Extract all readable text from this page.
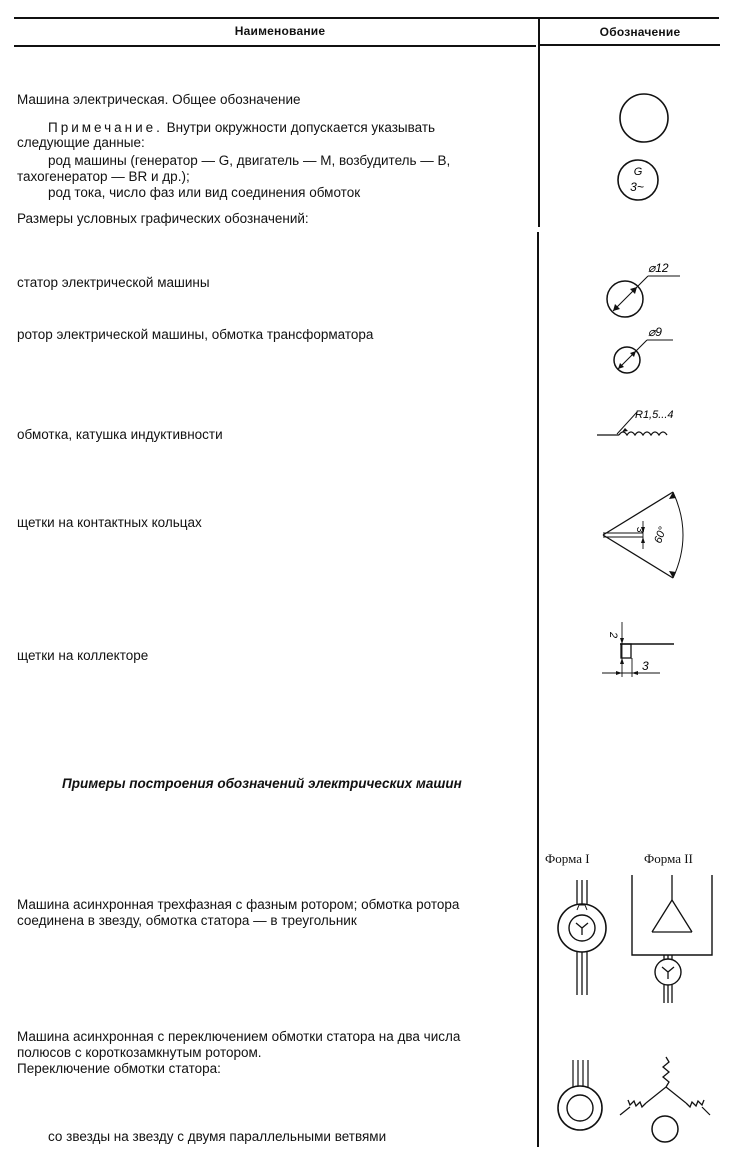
Наименование	Обозначение
Машина электрическая. Общее обозначение
Примечание. Внутри окружности допускается указывать
следующие данные:
род машины (генератор — G, двигатель — M, возбудитель — B,
тахогенератор — BR и др.);
род тока, число фаз или вид соединения обмоток
Размеры условных графических обозначений:
статор электрической машины
ротор электрической машины, обмотка трансформатора
обмотка, катушка индуктивности
щетки на контактных кольцах
щетки на коллекторе
Примеры построения обозначений электрических машин
Машина асинхронная трехфазная с фазным ротором; обмотка ротора
соединена в звезду, обмотка статора — в треугольник
Машина асинхронная с переключением обмотки статора на два числа
полюсов с короткозамкнутым ротором.
Переключение обмотки статора:
со звезды на звезду с двумя параллельными ветвями
G
3~
⌀12
⌀9
R1,5...4
3 60°
2
3
Форма I	Форма II
